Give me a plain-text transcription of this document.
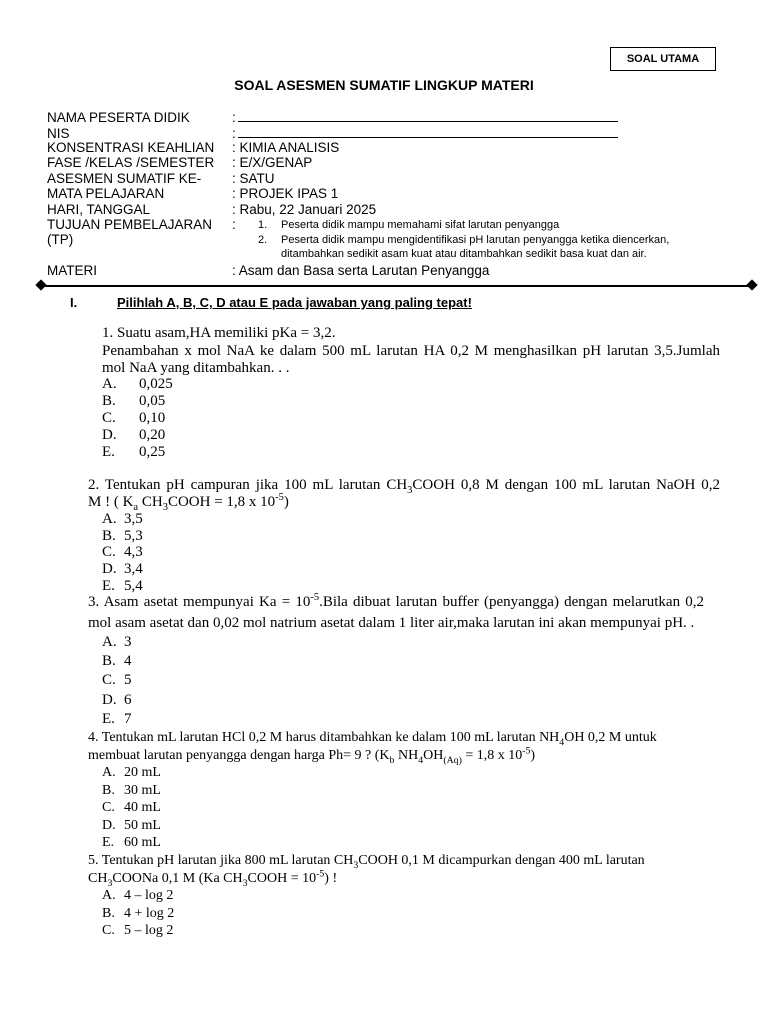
SOAL UTAMA
SOAL ASESMEN SUMATIF LINGKUP MATERI
NAMA PESERTA DIDIK	:
NIS	:
KONSENTRASI KEAHLIAN : KIMIA ANALISIS
FASE /KELAS /SEMESTER : E/X/GENAP
ASESMEN SUMATIF KE- : SATU
MATA PELAJARAN	: PROJEK IPAS 1
HARI, TANGGAL	: Rabu, 22 Januari 2025
TUJUAN PEMBELAJARAN
(TP)
: 1. Peserta didik mampu memahami sifat larutan penyangga
2. Peserta didik mampu mengidentifikasi pH larutan penyangga ketika diencerkan,
ditambahkan sedikit asam kuat atau ditambahkan sedikit basa kuat dan air.
MATERI	: Asam dan Basa serta Larutan Penyangga
I.	Pilihlah A, B, C, D atau E pada jawaban yang paling tepat!
1. Suatu asam,HA memiliki pKa = 3,2.
Penambahan x mol NaA ke dalam 500 mL larutan HA 0,2 M menghasilkan pH larutan 3,5.Jumlah
mol NaA yang ditambahkan. . .
A. 0,025
B. 0,05
C. 0,10
D. 0,20
E. 0,25
2. Tentukan pH campuran jika 100 mL larutan $CH_3COOH$ 0,8 M dengan 100 mL larutan NaOH 0,2
M ! ( $K_a$ $CH_3COOH = 1,8$ x $10^{-5}$)
A. 3,5
B. 5,3
C. 4,3
D. 3,4
E. 5,4
3. Asam asetat mempunyai $Ka = 10^{-5}.Bila$ dibuat larutan buffer (penyangga) dengan melarutkan 0,2
mol asam asetat dan 0,02 mol natrium asetat dalam 1 liter air,maka larutan ini akan mempunyai pH. .
A. 3
B. 4
C. 5
D. 6
E. 7
4. Tentukan mL larutan HCl 0,2 M harus ditambahkan ke dalam 100 mL larutan $NH_4OH$ 0,2 M untuk
membuat larutan penyangga dengan harga Ph= 9 ? ($K_b$ $NH_4OH_{(Aq)} = 1,8$ x $10^{-5}$)
A. 20 mL
B. 30 mL
C. 40 mL
D. 50 mL
E. 60 mL
5. Tentukan pH larutan jika 800 mL larutan $CH_3COOH$ 0,1 M dicampurkan dengan 400 mL larutan
$CH_3COONa$ 0,1 M (Ka $CH_3COOH = 10^{-5}$) !
A. 4 – log 2
B. 4 + log 2
C. 5 – log 2
